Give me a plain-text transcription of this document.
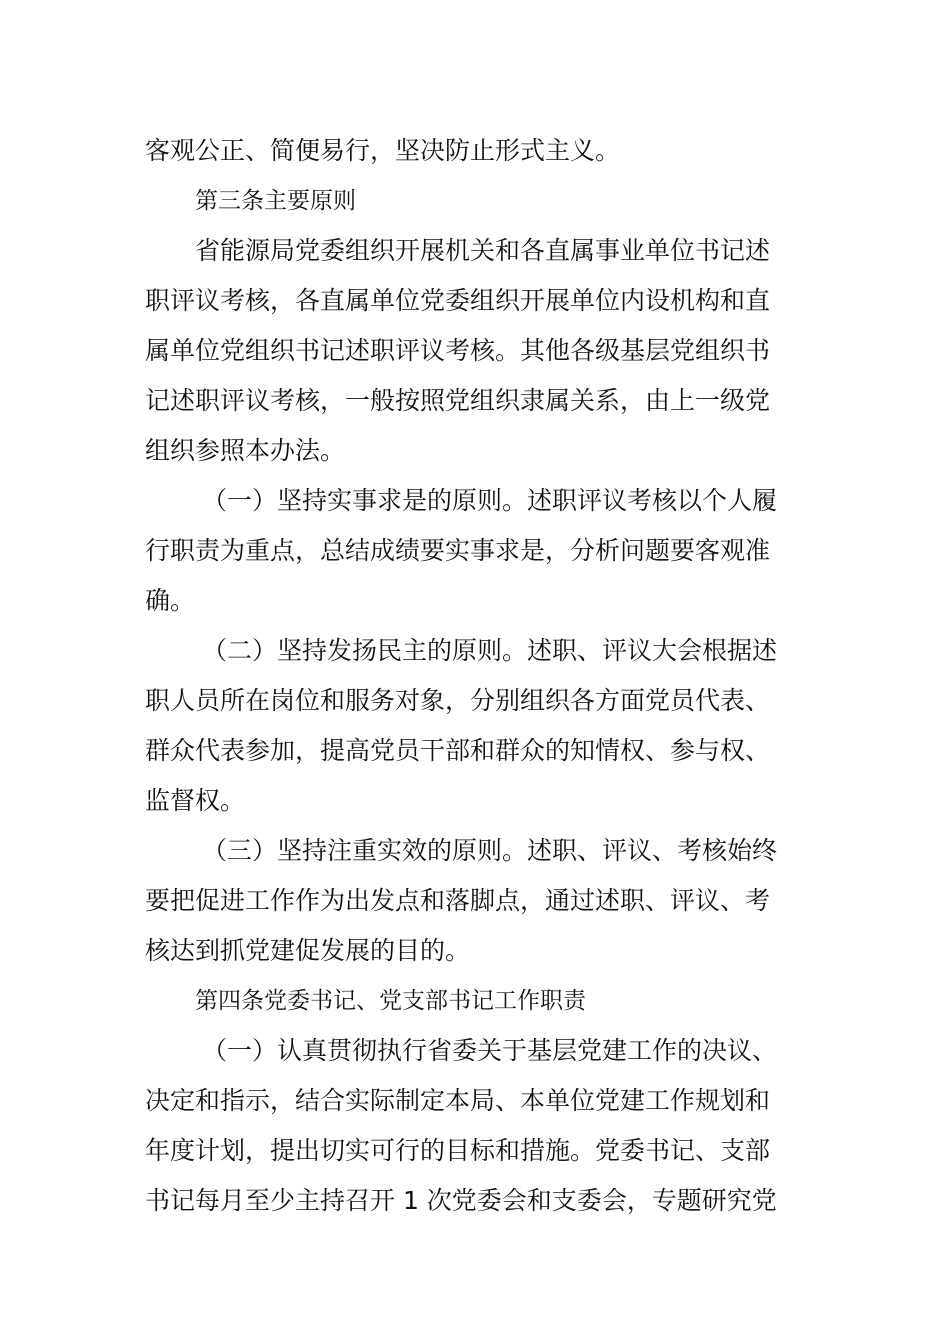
客观公正、简便易行，坚决防止形式主义。
第三条主要原则
省能源局党委组织开展机关和各直属事业单位书记述
职评议考核，各直属单位党委组织开展单位内设机构和直
属单位党组织书记述职评议考核。其他各级基层党组织书
记述职评议考核，一般按照党组织隶属关系，由上一级党
组织参照本办法。
（一）坚持实事求是的原则。述职评议考核以个人履
行职责为重点，总结成绩要实事求是，分析问题要客观准
确。
（二）坚持发扬民主的原则。述职、评议大会根据述
职人员所在岗位和服务对象，分别组织各方面党员代表、
群众代表参加，提高党员干部和群众的知情权、参与权、
监督权。
（三）坚持注重实效的原则。述职、评议、考核始终
要把促进工作作为出发点和落脚点，通过述职、评议、考
核达到抓党建促发展的目的。
第四条党委书记、党支部书记工作职责
（一）认真贯彻执行省委关于基层党建工作的决议、
决定和指示，结合实际制定本局、本单位党建工作规划和
年度计划，提出切实可行的目标和措施。党委书记、支部
书记每月至少主持召开 1 次党委会和支委会，专题研究党
